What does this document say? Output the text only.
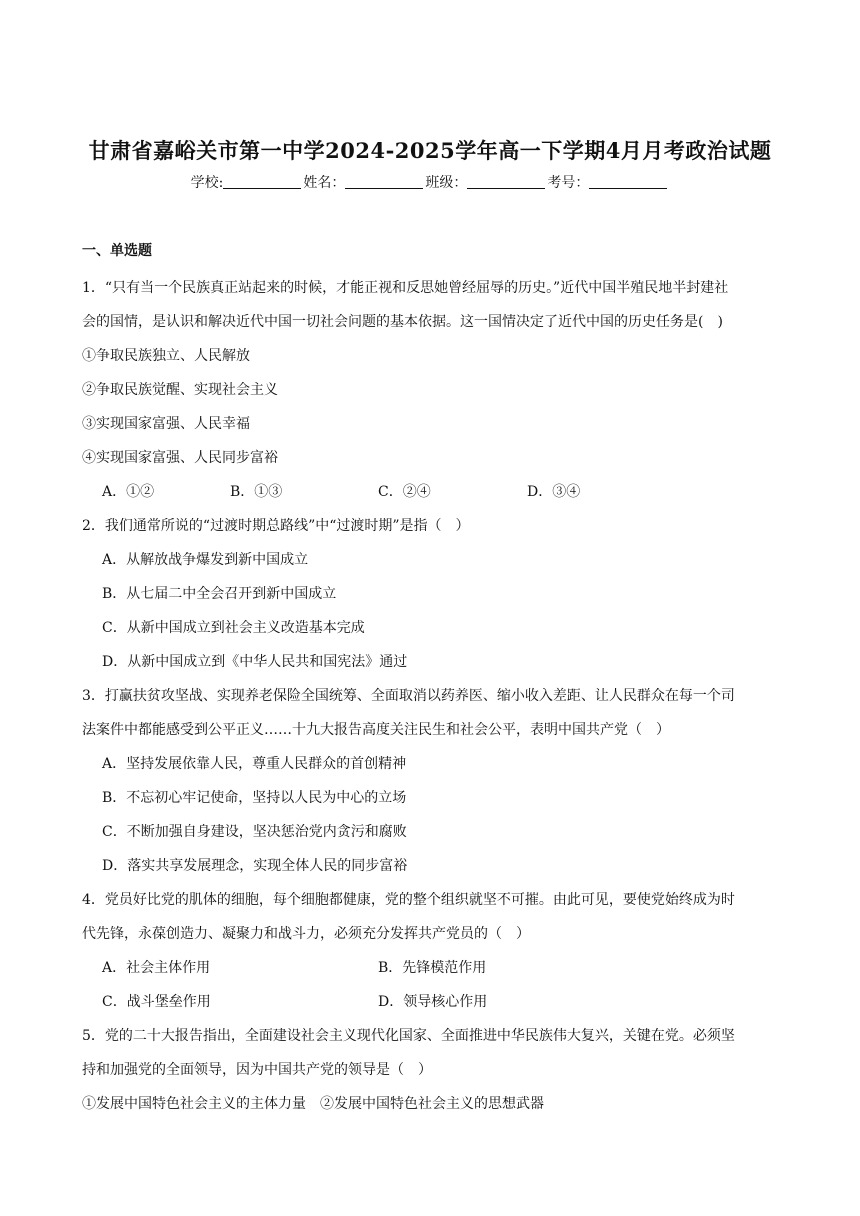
甘肃省嘉峪关市第一中学2024-2025学年高一下学期4月月考政治试题
学校:	姓名：	班级：	考号：
一、单选题
1．“只有当一个民族真正站起来的时候，才能正视和反思她曾经屈辱的历史。”近代中国半殖民地半封建社
会的国情，是认识和解决近代中国一切社会问题的基本依据。这一国情决定了近代中国的历史任务是(　)
①争取民族独立、人民解放
②争取民族觉醒、实现社会主义
③实现国家富强、人民幸福
④实现国家富强、人民同步富裕
A．①②	B．①③	C．②④	D．③④
2．我们通常所说的“过渡时期总路线”中“过渡时期”是指（　）
A．从解放战争爆发到新中国成立
B．从七届二中全会召开到新中国成立
C．从新中国成立到社会主义改造基本完成
D．从新中国成立到《中华人民共和国宪法》通过
3．打赢扶贫攻坚战、实现养老保险全国统筹、全面取消以药养医、缩小收入差距、让人民群众在每一个司
法案件中都能感受到公平正义……十九大报告高度关注民生和社会公平，表明中国共产党（　）
A．坚持发展依靠人民，尊重人民群众的首创精神
B．不忘初心牢记使命，坚持以人民为中心的立场
C．不断加强自身建设，坚决惩治党内贪污和腐败
D．落实共享发展理念，实现全体人民的同步富裕
4．党员好比党的肌体的细胞，每个细胞都健康，党的整个组织就坚不可摧。由此可见，要使党始终成为时
代先锋，永葆创造力、凝聚力和战斗力，必须充分发挥共产党员的（　）
A．社会主体作用	B．先锋模范作用
C．战斗堡垒作用	D．领导核心作用
5．党的二十大报告指出，全面建设社会主义现代化国家、全面推进中华民族伟大复兴，关键在党。必须坚
持和加强党的全面领导，因为中国共产党的领导是（　）
①发展中国特色社会主义的主体力量　②发展中国特色社会主义的思想武器
